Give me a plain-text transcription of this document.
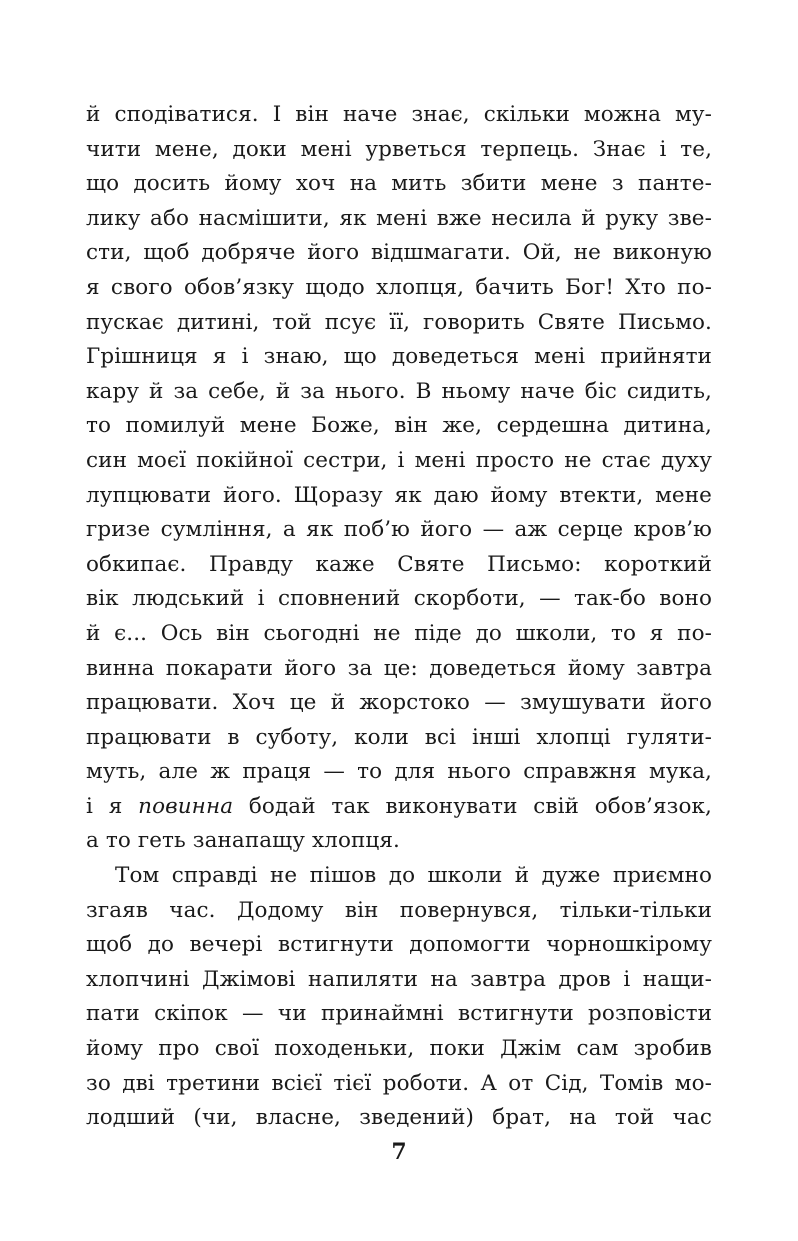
й сподіватися. І він наче знає, скільки можна му-
чити мене, доки мені урветься терпець. Знає і те,
що досить йому хоч на мить збити мене з панте-
лику або насмішити, як мені вже несила й руку зве-
сти, щоб добряче його відшмагати. Ой, не виконую
я свого обов’язку щодо хлопця, бачить Бог! Хто по-
пускає дитині, той псує її, говорить Святе Письмо.
Грішниця я і знаю, що доведеться мені прийняти
кару й за себе, й за нього. В ньому наче біс сидить,
то помилуй мене Боже, він же, сердешна дитина,
син моєї покійної сестри, і мені просто не стає духу
лупцювати його. Щоразу як даю йому втекти, мене
гризе сумління, а як поб’ю його — аж серце кров’ю
обкипає. Правду каже Святе Письмо: короткий
вік людський і сповнений скорботи, — так-бо воно
й є... Ось він сьогодні не піде до школи, то я по-
винна покарати його за це: доведеться йому завтра
працювати. Хоч це й жорстоко — змушувати його
працювати в суботу, коли всі інші хлопці гуляти-
муть, але ж праця — то для нього справжня мука,
і я повинна бодай так виконувати свій обов’язок,
а то геть занапащу хлопця.
Том справді не пішов до школи й дуже приємно
згаяв час. Додому він повернувся, тільки-тільки
щоб до вечері встигнути допомогти чорношкірому
хлопчині Джімові напиляти на завтра дров і нащи-
пати скіпок — чи принаймні встигнути розповісти
йому про свої походеньки, поки Джім сам зробив
зо дві третини всієї тієї роботи. А от Сід, Томів мо-
лодший (чи, власне, зведений) брат, на той час
7
